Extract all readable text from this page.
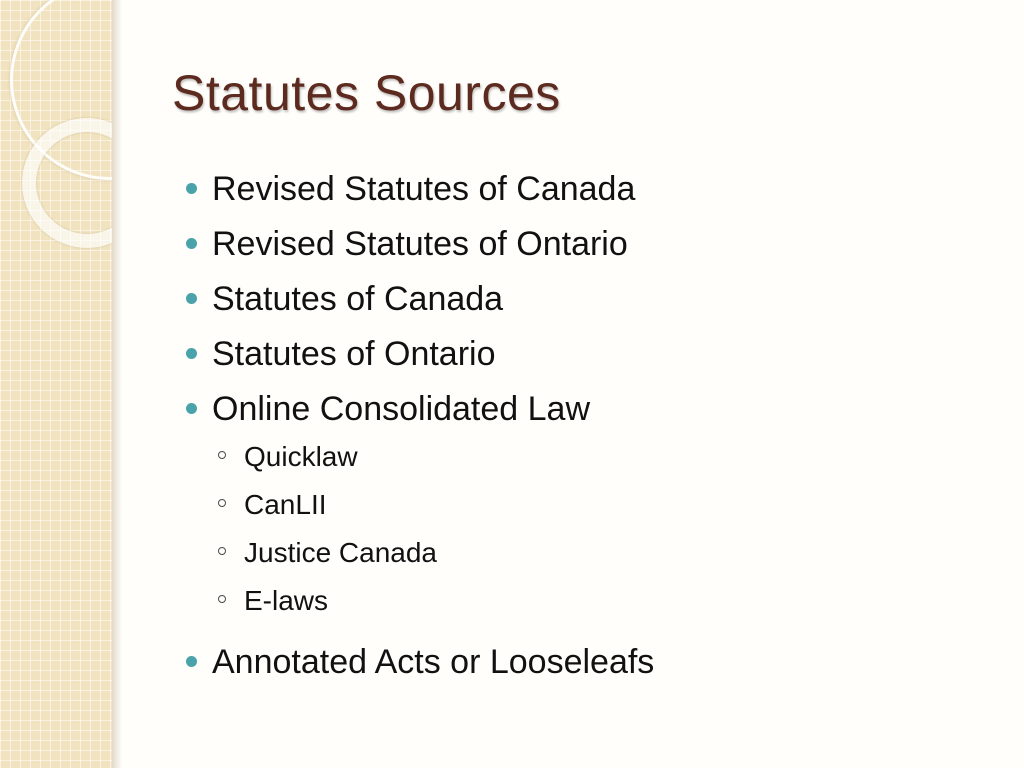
Statutes Sources
Revised Statutes of Canada
Revised Statutes of Ontario
Statutes of Canada
Statutes of Ontario
Online Consolidated Law
Quicklaw
CanLII
Justice Canada
E-laws
Annotated Acts or Looseleafs
